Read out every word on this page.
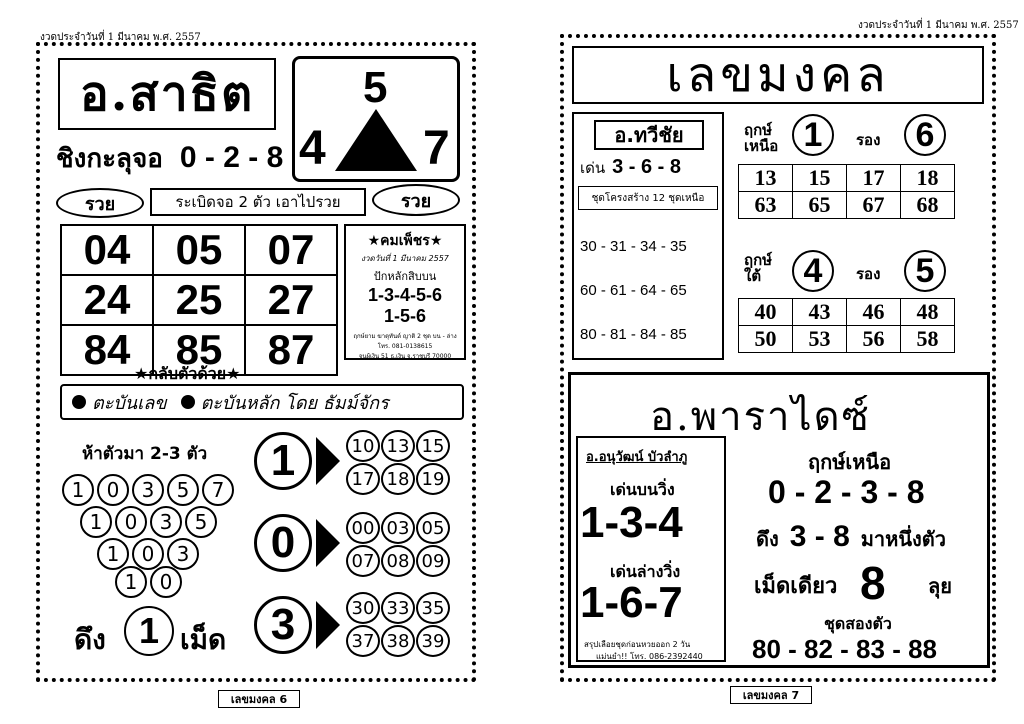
งวดประจำวันที่ 1 มีนาคม พ.ศ. 2557
งวดประจำวันที่ 1 มีนาคม พ.ศ. 2557
อ.สาธิต
ชิงกะลุจอ 0 - 2 - 8
5
4 7
รวย	ระเบิดจอ 2 ตัว เอาไปรวย	รวย
04	05	07
24	25	27
84	85	87
★คมเพ็ชร★
งวดวันที่ 1 มีนาคม 2557
ปักหลักสิบบน
1-3-4-5-6
1-5-6
ฤกษ์ยาม ฆาตุทันต์ ญาติ 2 ชุด บน - ล่าง
โทร. 081-0138615
จนผู้เงิน 51 ธ.เงิน จ.ราชบุรี 70000
★กลับตัวด้วย★
ตะบันเลข ตะบันหลัก โดย ธัมม์จักร
ห้าตัวมา 2-3 ตัว
1	0	3	5	7
1	0	3	5
1	0	3
1	0
ดึง 1 เม็ด
1
0
3
10 13 15
17 18 19
00 03 05
07 08 09
30 33 35
37 38 39
เลขมงคล 6
เลขมงคล
อ.ทวีชัย
เด่น 3 - 6 - 8
ชุดโครงสร้าง 12 ชุดเหนือ
30 - 31 - 34 - 35
60 - 61 - 64 - 65
80 - 81 - 84 - 85
ฤกษ์ เหนือ 1	รอง	6
13	15	17	18
63	65	67	68
ฤกษ์ ใต้	4	รอง	5
40	43	46	48
50	53	56	58
อ.พาราไดซ์
อ.อนุวัฒน์ บัวลำภู
เด่นบนวิ่ง
1-3-4
เด่นล่างวิ่ง
1-6-7
สรุปเลือยชุดก่อนหวยออก 2 วัน
แม่นยำ!! โทร. 086-2392440
ฤกษ์เหนือ
0 - 2 - 3 - 8
ดึง 3 - 8 มาหนึ่งตัว
เม็ดเดียว 8 ลุย
ชุดสองตัว
80 - 82 - 83 - 88
เลขมงคล 7
